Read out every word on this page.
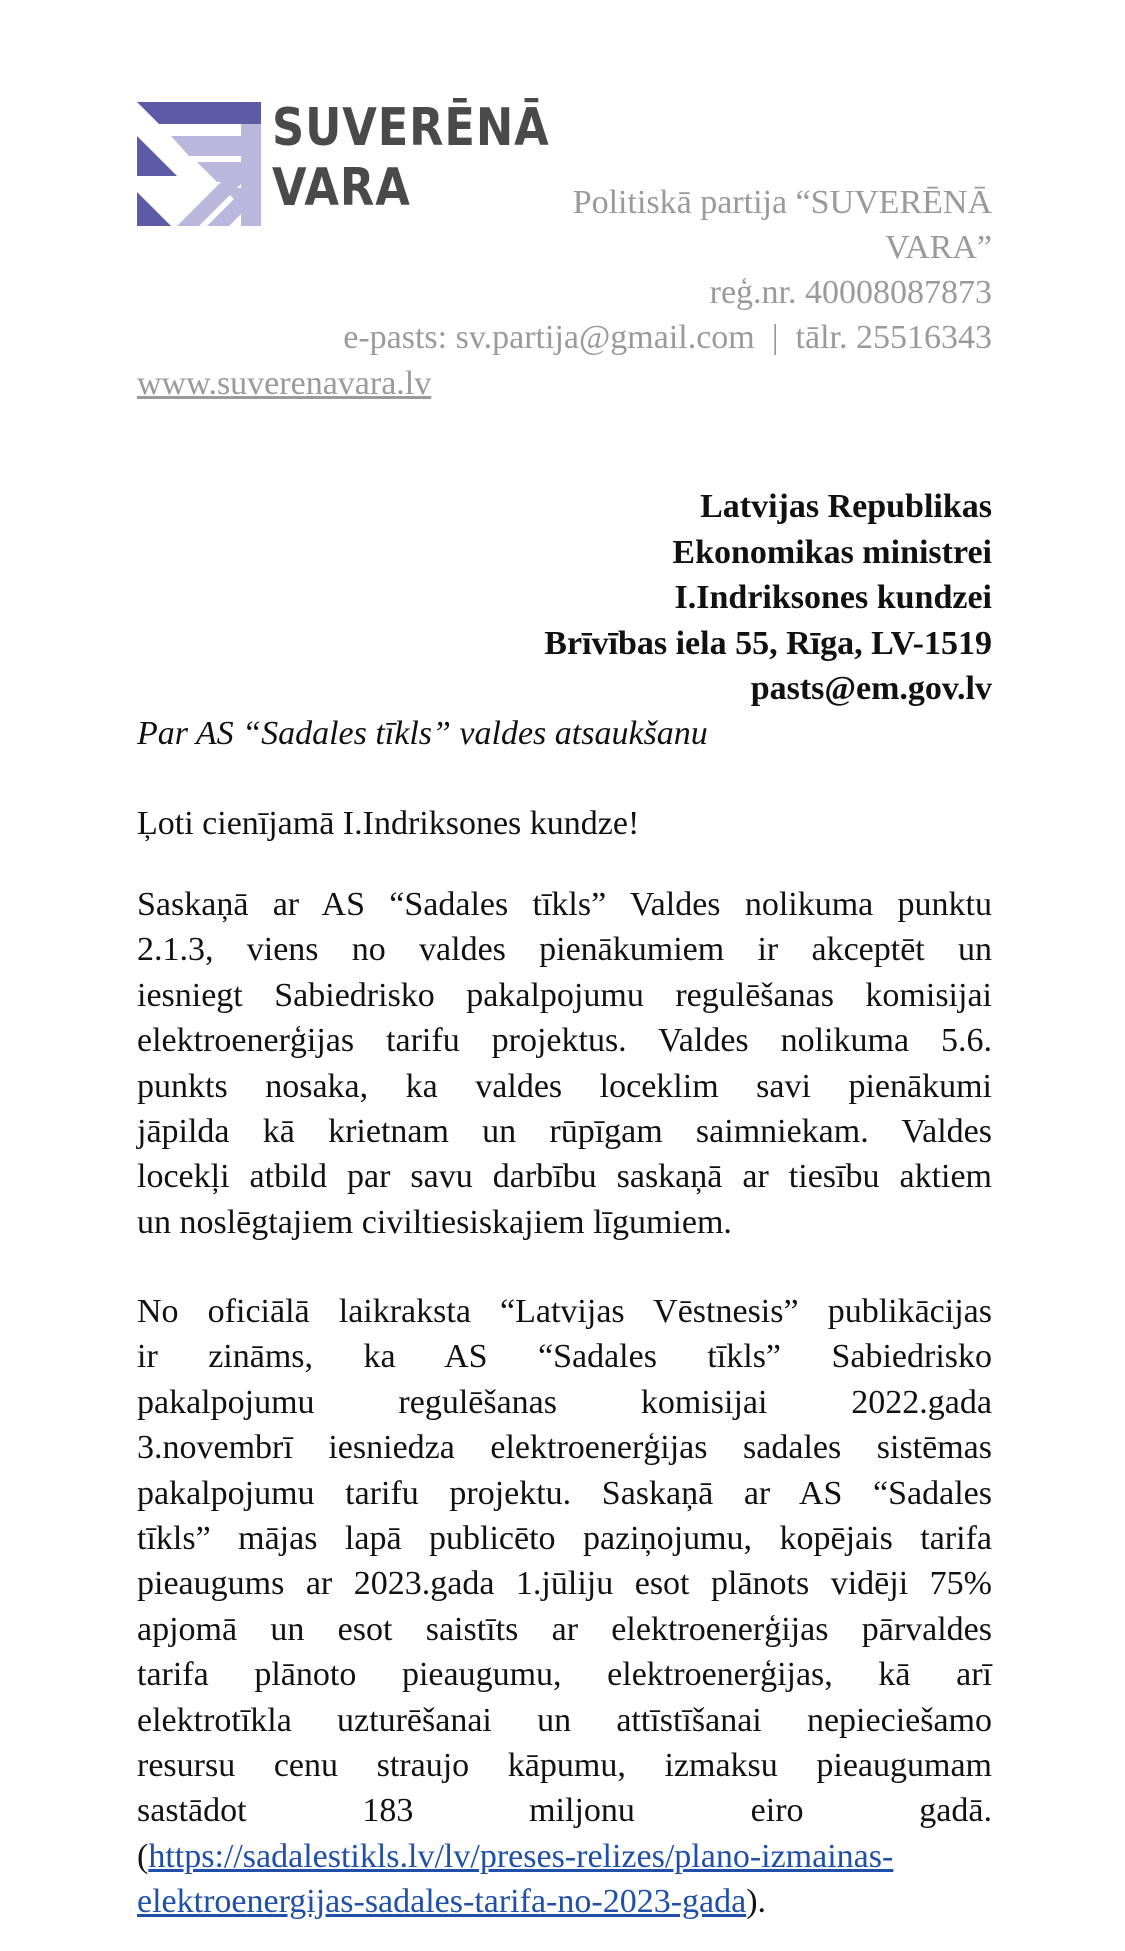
SUVERĒNĀ
VARA	Politiskā partija “SUVERĒNĀ
VARA”
reģ.nr. 40008087873
e-pasts: sv.partija@gmail.com  |  tālr. 25516343
www.suverenavara.lv
Latvijas Republikas
Ekonomikas ministrei
I.Indriksones kundzei
Brīvības iela 55, Rīga, LV-1519
pasts@em.gov.lv
Par AS “Sadales tīkls” valdes atsaukšanu
Ļoti cienījamā I.Indriksones kundze!
Saskaņā ar AS “Sadales tīkls” Valdes nolikuma punktu
2.1.3, viens no valdes pienākumiem ir akceptēt un
iesniegt Sabiedrisko pakalpojumu regulēšanas komisijai
elektroenerģijas tarifu projektus. Valdes nolikuma 5.6.
punkts nosaka, ka valdes loceklim savi pienākumi
jāpilda kā krietnam un rūpīgam saimniekam. Valdes
locekļi atbild par savu darbību saskaņā ar tiesību aktiem
un noslēgtajiem civiltiesiskajiem līgumiem.
No oficiālā laikraksta “Latvijas Vēstnesis” publikācijas
ir zināms, ka AS “Sadales tīkls” Sabiedrisko
pakalpojumu regulēšanas komisijai 2022.gada
3.novembrī iesniedza elektroenerģijas sadales sistēmas
pakalpojumu tarifu projektu. Saskaņā ar AS “Sadales
tīkls” mājas lapā publicēto paziņojumu, kopējais tarifa
pieaugums ar 2023.gada 1.jūliju esot plānots vidēji 75%
apjomā un esot saistīts ar elektroenerģijas pārvaldes
tarifa plānoto pieaugumu, elektroenerģijas, kā arī
elektrotīkla uzturēšanai un attīstīšanai nepieciešamo
resursu cenu straujo kāpumu, izmaksu pieaugumam
sastādot 183 miljonu eiro gadā.
(https://sadalestikls.lv/lv/preses-relizes/plano-izmainas-
elektroenergijas-sadales-tarifa-no-2023-gada).
